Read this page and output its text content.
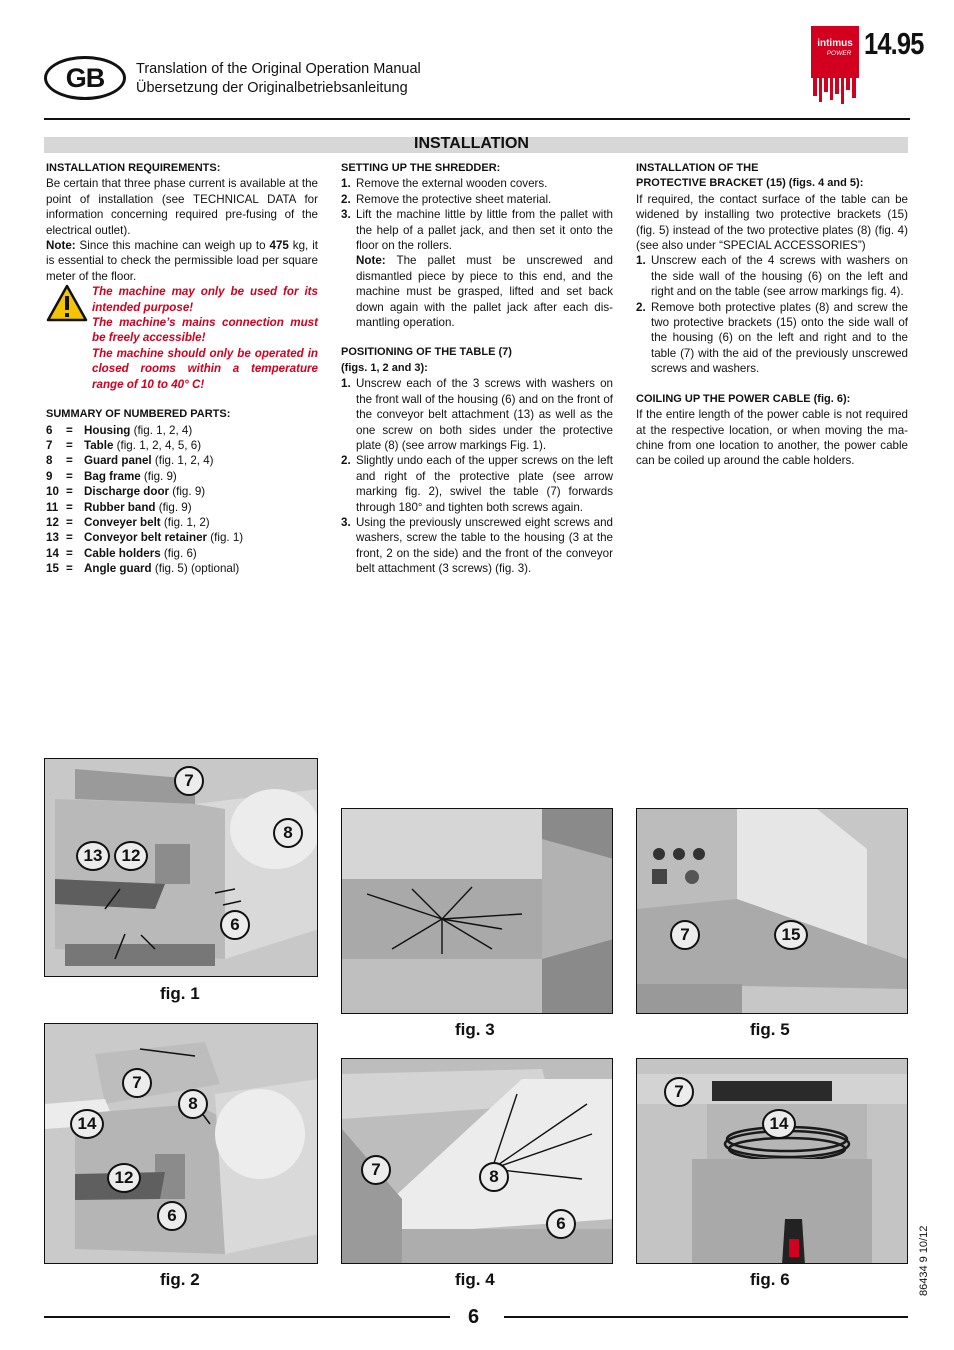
GB Translation of the Original Operation Manual
Übersetzung der Originalbetriebsanleitung
intimus
POWER 14.95
INSTALLATION
INSTALLATION REQUIREMENTS:
Be certain that three phase current is available at the point of installation (see TECHNICAL DATA for information concerning required pre-fusing of the electrical outlet).
Note: Since this machine can weigh up to 475 kg, it is essential to check the permissible load per square meter of the floor.
The machine may only be used for its intended purpose!
The machine’s mains connection must be freely accessible!
The machine should only be operated in closed rooms within a temperature range of 10 to 40° C!
SUMMARY OF NUMBERED PARTS:
6	= Housing (fig. 1, 2, 4)
7	= Table (fig. 1, 2, 4, 5, 6)
8	= Guard panel (fig. 1, 2, 4)
9	= Bag frame (fig. 9)
10 = Discharge door (fig. 9)
11 = Rubber band (fig. 9)
12 = Conveyer belt (fig. 1, 2)
13 = Conveyor belt retainer (fig. 1)
14 = Cable holders (fig. 6)
15 = Angle guard (fig. 5) (optional)
SETTING UP THE SHREDDER:
1. Remove the external wooden covers.
2. Remove the protective sheet material.
3. Lift the machine little by little from the pallet with the help of a pallet jack, and then set it onto the floor on the rollers.
Note: The pallet must be unscrewed and dismantled piece by piece to this end, and the machine must be grasped, lifted and set back down again with the pallet jack after each dis-mantling operation.
POSITIONING OF THE TABLE (7)
(figs. 1, 2 and 3):
1. Unscrew each of the 3 screws with washers on the front wall of the housing (6) and on the front of the conveyor belt attachment (13) as well as the one screw on both sides under the protective plate (8) (see arrow markings Fig. 1).
2. Slightly undo each of the upper screws on the left and right of the protective plate (see arrow marking fig. 2), swivel the table (7) forwards through 180° and tighten both screws again.
3. Using the previously unscrewed eight screws and washers, screw the table to the housing (3 at the front, 2 on the side) and the front of the conveyor belt attachment (3 screws) (fig. 3).
INSTALLATION OF THE
PROTECTIVE BRACKET (15) (figs. 4 and 5):
If required, the contact surface of the table can be widened by installing two protective brackets (15) (fig. 5) instead of the two protective plates (8) (fig. 4) (see also under “SPECIAL ACCESSORIES”)
1. Unscrew each of the 4 screws with washers on the side wall of the housing (6) on the left and right and on the table (see arrow markings fig. 4).
2. Remove both protective plates (8) and screw the two protective brackets (15) onto the side wall of the housing (6) on the left and right and to the table (7) with the aid of the previously unscrewed screws and washers.
COILING UP THE POWER CABLE (fig. 6):
If the entire length of the power cable is not required at the respective location, or when moving the ma-chine from one location to another, the power cable can be coiled up around the cable holders.
7
8
13	12
6
fig. 1
7
8
14
12
6
fig. 2
fig. 3
7	8
6
fig. 4
7	15
fig. 5
7
14
fig. 6	86434 9 10/12
6
